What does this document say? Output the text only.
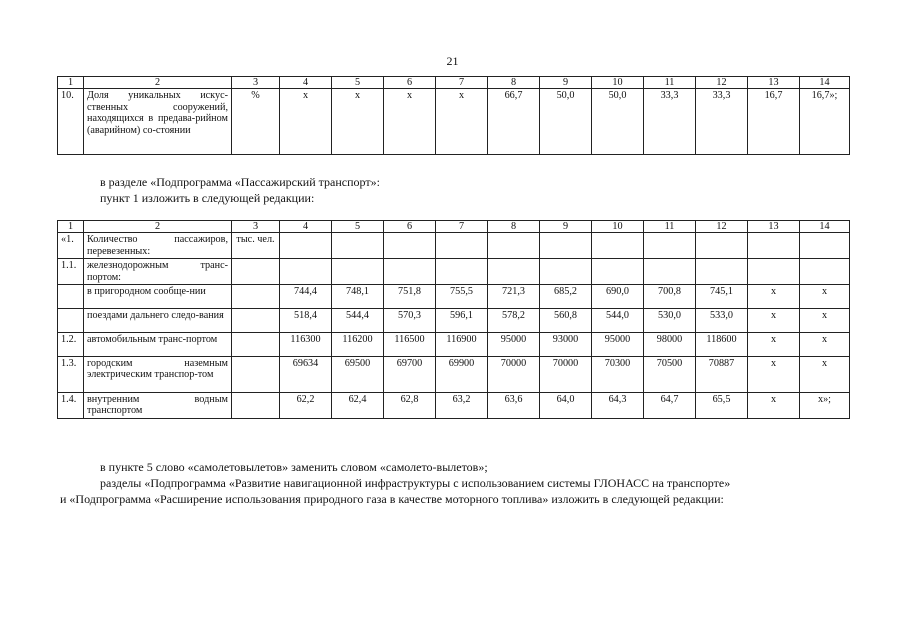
21
1	2	3	4	5	6	7	8	9	10	11	12	13	14
10.	Доля уникальных искус-ственных сооружений, находящихся в предава-рийном (аварийном) со-стоянии	%	x	x	x	x	66,7	50,0	50,0	33,3	33,3	16,7	16,7»;
в разделе «Подпрограмма «Пассажирский транспорт»:
пункт 1 изложить в следующей редакции:
1	2	3	4	5	6	7	8	9	10	11	12	13	14
«1.	Количество пассажиров, перевезенных:	тыс. чел.											
1.1.	железнодорожным транс-портом:												
	в пригородном сообще-нии		744,4	748,1	751,8	755,5	721,3	685,2	690,0	700,8	745,1	x	x
	поездами дальнего следо-вания		518,4	544,4	570,3	596,1	578,2	560,8	544,0	530,0	533,0	x	x
1.2.	автомобильным транс-портом		116300	116200	116500	116900	95000	93000	95000	98000	118600	x	x
1.3.	городским наземным электрическим транспор-том		69634	69500	69700	69900	70000	70000	70300	70500	70887	x	x
1.4.	внутренним водным транспортом		62,2	62,4	62,8	63,2	63,6	64,0	64,3	64,7	65,5	x	x»;
в пункте 5 слово «самолетовылетов» заменить словом «самолето-вылетов»;
разделы «Подпрограмма «Развитие навигационной инфраструктуры с использованием системы ГЛОНАСС на транспорте»
и «Подпрограмма «Расширение использования природного газа в качестве моторного топлива» изложить в следующей редакции:
